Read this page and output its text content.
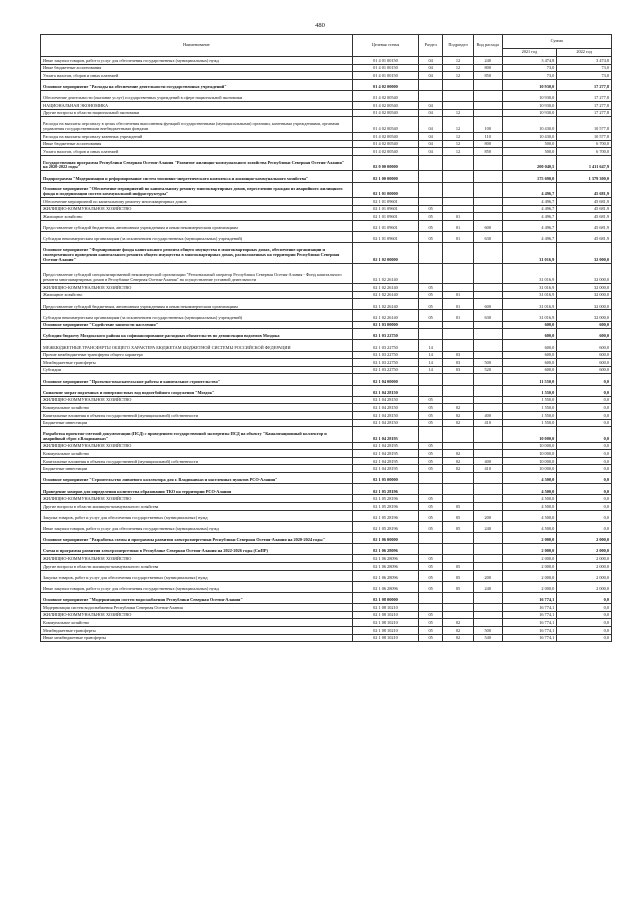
480
Наименование	Целевая статья	Раздел	Подраздел	Вид расхода	Сумма	
					2021 год	2022 год
Иные закупки товаров, работ и услуг для обеспечения государственных (муниципальных) нужд	01 4 01 00150	04	12	240	3 474,8	3 474,8
Иные бюджетные ассигнования	01 4 01 00150	04	12	800	73,0	73,0
Уплата налогов, сборов и иных платежей	01 4 01 00150	04	12	850	73,0	73,0
Основное мероприятие "Расходы на обеспечение деятельности государственных учреждений"	01 4 02 00000				10 930,0	17 277,8
Обеспечение деятельности (оказание услуг) государственных учреждений в сфере национальной экономики	01 4 02 00540				10 930,0	17 277,8
НАЦИОНАЛЬНАЯ ЭКОНОМИКА	01 4 02 00540	04			10 930,0	17 277,8
Другие вопросы в области национальной экономики	01 4 02 00540	04	12		10 930,0	17 277,8
Расходы на выплаты персоналу в целях обеспечения выполнения функций государственными (муниципальными) органами, казенными учреждениями, органами управления государственными внебюджетными фондами	01 4 02 00540	04	12	100	10 430,0	10 577,8
Расходы на выплаты персоналу казенных учреждений	01 4 02 00540	04	12	110	10 430,0	10 577,8
Иные бюджетные ассигнования	01 4 02 00540	04	12	800	500,0	6 700,0
Уплата налогов, сборов и иных платежей	01 4 02 00540	04	12	850	500,0	6 700,0
Государственная программа Республики Северная Осетия-Алания "Развитие жилищно-коммунального хозяйства Республики Северная Осетия-Алания" на 2020-2022 годы"	02 0 00 00000				200 040,5	1 411 647,9
Подпрограмма "Модернизация и реформирование систем топливно-энергетического комплекса и жилищно-коммунального хозяйства"	02 1 00 00000				175 690,0	1 379 300,0
Основное мероприятие "Обеспечение мероприятий по капитальному ремонту многоквартирных домов, переселению граждан из аварийного жилищного фонда и модернизации систем коммунальной инфраструктуры"	02 1 01 00000				4 496,7	45 681,9
Обеспечение мероприятий по капитальному ремонту многоквартирных домов	02 1 01 09601				4 496,7	45 681,9
ЖИЛИЩНО-КОММУНАЛЬНОЕ ХОЗЯЙСТВО	02 1 01 09601	05			4 496,7	45 681,9
Жилищное хозяйство	02 1 01 09601	05	01		4 496,7	45 681,9
Предоставление субсидий бюджетным, автономным учреждениям и иным некоммерческим организациям	02 1 01 09601	05	01	600	4 496,7	45 681,9
Субсидии некоммерческим организациям (за исключением государственных (муниципальных) учреждений)	02 1 01 09601	05	01	630	4 496,7	45 681,9
Основное мероприятие "Формирование фонда капитального ремонта общего имущества в многоквартирных домах, обеспечение организации и своевременного проведения капитального ремонта общего имущества в многоквартирных домах, расположенных на территории Республики Северная Осетия-Алания"	02 1 02 00000				31 016,9	32 000,0
Предоставление субсидий специализированной некоммерческой организации "Региональный оператор Республики Северная Осетия-Алания - Фонд капитального ремонта многоквартирных домов в Республике Северная Осетия-Алания" на осуществление уставной деятельности	02 1 02 26140				31 016,9	32 000,0
ЖИЛИЩНО-КОММУНАЛЬНОЕ ХОЗЯЙСТВО	02 1 02 26140	05			31 016,9	32 000,0
Жилищное хозяйство	02 1 02 26140	05	01		31 016,9	32 000,0
Предоставление субсидий бюджетным, автономным учреждениям и иным некоммерческим организациям	02 1 02 26140	05	01	600	31 016,9	32 000,0
Субсидии некоммерческим организациям (за исключением государственных (муниципальных) учреждений)	02 1 02 26140	05	01	630	31 016,9	32 000,0
Основное мероприятие "Содействие занятости населения"	02 1 03 00000				600,0	600,0
Субсидия бюджету Моздокского района на софинансирование расходных обязательств по дезинсекции водоемов Моздока	02 1 03 22750				600,0	600,0
МЕЖБЮДЖЕТНЫЕ ТРАНСФЕРТЫ ОБЩЕГО ХАРАКТЕРА БЮДЖЕТАМ БЮДЖЕТНОЙ СИСТЕМЫ РОССИЙСКОЙ ФЕДЕРАЦИИ	02 1 03 22750	14			600,0	600,0
Прочие межбюджетные трансферты общего характера	02 1 03 22750	14	03		600,0	600,0
Межбюджетные трансферты	02 1 03 22750	14	03	500	600,0	600,0
Субсидии	02 1 03 22750	14	03	520	600,0	600,0
Основное мероприятие "Проектно-изыскательские работы и капитальное строительство"	02 1 04 00000				11 550,0	0,0
Снижение затрат подземных и поверхностных вод водоотбойного сооружения "Моздок"	02 1 04 28150				1 550,0	0,0
ЖИЛИЩНО-КОММУНАЛЬНОЕ ХОЗЯЙСТВО	02 1 04 28150	05			1 550,0	0,0
Коммунальное хозяйство	02 1 04 28150	05	02		1 550,0	0,0
Капитальные вложения в объекты государственной (муниципальной) собственности	02 1 04 28150	05	02	400	1 550,0	0,0
Бюджетные инвестиции	02 1 04 28150	05	02	410	1 550,0	0,0
Разработка проектно-сметной документации (ПСД) с проведением государственной экспертизы ПСД на объекту "Канализационный коллектор и аварийный сброс г.Владикавказ"	02 1 04 28195				10 000,0	0,0
ЖИЛИЩНО-КОММУНАЛЬНОЕ ХОЗЯЙСТВО	02 1 04 28195	05			10 000,0	0,0
Коммунальное хозяйство	02 1 04 28195	05	02		10 000,0	0,0
Капитальные вложения в объекты государственной (муниципальной) собственности	02 1 04 28195	05	02	400	10 000,0	0,0
Бюджетные инвестиции	02 1 04 28195	05	02	410	10 000,0	0,0
Основное мероприятие "Строительство ливневого коллектора для г. Владикавказ и населенных пунктов РСО-Алания"	02 1 05 00000				4 500,0	0,0
Проведение замеров для определения количества образования ТКО на территории РСО-Алания	02 1 05 28196				4 500,0	0,0
ЖИЛИЩНО-КОММУНАЛЬНОЕ ХОЗЯЙСТВО	02 1 05 28196	05			4 500,0	0,0
Другие вопросы в области жилищно-коммунального хозяйства	02 1 05 28196	05	05		4 500,0	0,0
Закупка товаров, работ и услуг для обеспечения государственных (муниципальных) нужд	02 1 05 28196	05	05	200	4 500,0	0,0
Иные закупки товаров, работ и услуг для обеспечения государственных (муниципальных) нужд	02 1 05 28196	05	05	240	4 500,0	0,0
Основное мероприятие "Разработка схемы и программы развития электроэнергетики Республики Северная Осетия-Алания на 2020-2024 годы"	02 1 06 00000				2 000,0	2 000,0
Схема и программа развития электроэнергетики в Республике Северная Осетия-Алания на 2022-2026 годы (СиПР)	02 1 06 28096				2 000,0	2 000,0
ЖИЛИЩНО-КОММУНАЛЬНОЕ ХОЗЯЙСТВО	02 1 06 28096	05			2 000,0	2 000,0
Другие вопросы в области жилищно-коммунального хозяйства	02 1 06 28096	05	05		2 000,0	2 000,0
Закупка товаров, работ и услуг для обеспечения государственных (муниципальных) нужд	02 1 06 28096	05	05	200	2 000,0	2 000,0
Иные закупки товаров, работ и услуг для обеспечения государственных (муниципальных) нужд	02 1 06 28096	05	05	240	2 000,0	2 000,0
Основное мероприятие "Модернизация систем водоснабжения Республики Северная Осетия-Алания"	02 1 08 00000				16 774,1	0,0
Модернизация систем водоснабжения Республики Северная Осетия-Алания	02 1 08 10210				16 774,1	0,0
ЖИЛИЩНО-КОММУНАЛЬНОЕ ХОЗЯЙСТВО	02 1 08 10210	05			16 774,1	0,0
Коммунальное хозяйство	02 1 08 10210	05	02		16 774,1	0,0
Межбюджетные трансферты	02 1 08 10210	05	02	500	16 774,1	0,0
Иные межбюджетные трансферты	02 1 08 10210	05	02	540	16 774,1	0,0
